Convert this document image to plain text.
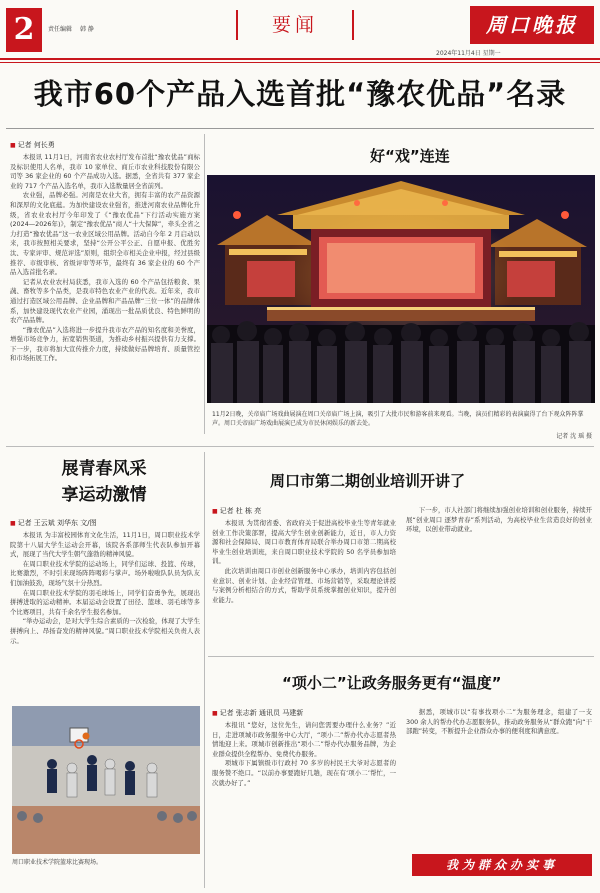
2	责任编辑 韩 静	要闻	周口晚报
2024年11月4日 星期一
我市60个产品入选首批“豫农优品”名录
■ 记者 何长勇

本报讯 11月1日，河南省农业农村厅发布首批“豫农优品”商标及标识使用人名单，我市 10 家单位、商丘市农业科技股份有限公司等 36 家企业的 60 个产品成功入选。据悉，全省共有 377 家企业的 717 个产品入选名单，我市入选数量居全省前列。

农业强，品牌必强。河南是农业大省，拥有丰富的农产品资源和深厚的文化底蕴。为加快建设农业强省，推进河南农业品牌化升级，省农业农村厅今年印发了《“豫农优品”下行活动实施方案(2024—2026年)》，制定“豫农优品”商人“十大保障”，牵头全省之力打造“豫农优品”这一农业区域公用品牌。活动自今年 2 月启动以来，我市按照相关要求，坚持“公开公平公正、自愿申报、优胜劣汰、专家评审、规范评选”原则，组织全市相关企业申报，经过县级推荐、市级审核、省级评审等环节，最终有 36 家企业的 60 个产品入选首批名录。

记者从农业农村局获悉，我市入选的 60 个产品包括粮食、果蔬、畜牧等多个品类，是我市特色农业产业的代表。近年来，我市通过打造区域公用品牌、企业品牌和产品品牌“三位一体”的品牌体系，加快建设现代农业产业园，涌现出一批品质优良、特色鲜明的农产品品牌。

“豫农优品”入选将进一步提升我市农产品的知名度和美誉度，增强市场竞争力，拓宽销售渠道，为推动乡村振兴提供有力支撑。下一步，我市将加大宣传推介力度，持续做好品牌培育、质量管控和市场拓展工作。

好“戏”连连
11月2日晚，关帝庙广场戏曲展演在周口关帝庙广场上演，吸引了大批市民和游客前来观看。当晚，演员们精彩的表演赢得了台下观众阵阵掌声。周口关帝庙广场戏曲展演已成为市民休闲娱乐的新去处。
记者 沈 瑶 摄
展青春风采
享运动激情
■ 记者 王云斌 刘华东 文/图

本报讯 为丰富校园体育文化生活，11月1日，周口职业技术学院第十八届大学生运动会开幕，该院各系部师生代表队参加开幕式，展现了当代大学生朝气蓬勃的精神风貌。

在周口职业技术学院的运动场上，同学们运球、投篮、传球，比赛激烈，不时引来现场阵阵喝彩与掌声。场外啦啦队队员为队友们加油鼓劲，现场气氛十分热烈。

在周口职业技术学院的羽毛球场上，同学们奋勇争先，展现出拼搏进取的运动精神。本届运动会设置了田径、篮球、羽毛球等多个比赛项目，共有千余名学生报名参加。

“举办运动会，是对大学生综合素质的一次检验，体现了大学生拼搏向上、昂扬奋发的精神风貌。”周口职业技术学院相关负责人表示。

周口职业技术学院篮球比赛现场。
周口市第二期创业培训开讲了
■ 记者 杜 栋 亮

本报讯 为贯彻省委、省政府关于促进高校毕业生等青年就业创业工作决策部署，提高大学生创业创新能力，近日，市人力资源和社会保障局、周口市教育体育局联合举办周口市第二期高校毕业生创业培训班，来自周口职业技术学院的 50 名学员参加培训。

此次培训由周口市创业创新服务中心承办，培训内容包括创业意识、创业计划、企业经营管理、市场营销等，采取理论讲授与案例分析相结合的方式，帮助学员系统掌握创业知识，提升创业能力。

下一步，市人社部门将继续加强创业培训和创业服务，持续开展“创业周口 逐梦青春”系列活动，为高校毕业生营造良好的创业环境，以创业带动就业。

“项小二”让政务服务更有“温度”
■ 记者 张志新 通讯员 马建新

本报讯 “您好，这位先生，请问您需要办理什么业务？”近日，走进项城市政务服务中心大厅，“项小二”帮办代办志愿者热情地迎上来。项城市创新推出“项小二”帮办代办服务品牌，为企业群众提供全程帮办、免费代办服务。

项城市下属镇级市行政村 70 多岁的村民王大爷对志愿者的服务赞不绝口。“以前办事要跑好几趟，现在有‘项小二’帮忙，一次就办好了。”

据悉，项城市以“有事找项小二”为服务理念，组建了一支 300 余人的帮办代办志愿服务队，推动政务服务从“群众跑”向“干部跑”转变，不断提升企业群众办事的便利度和满意度。

我为群众办实事
